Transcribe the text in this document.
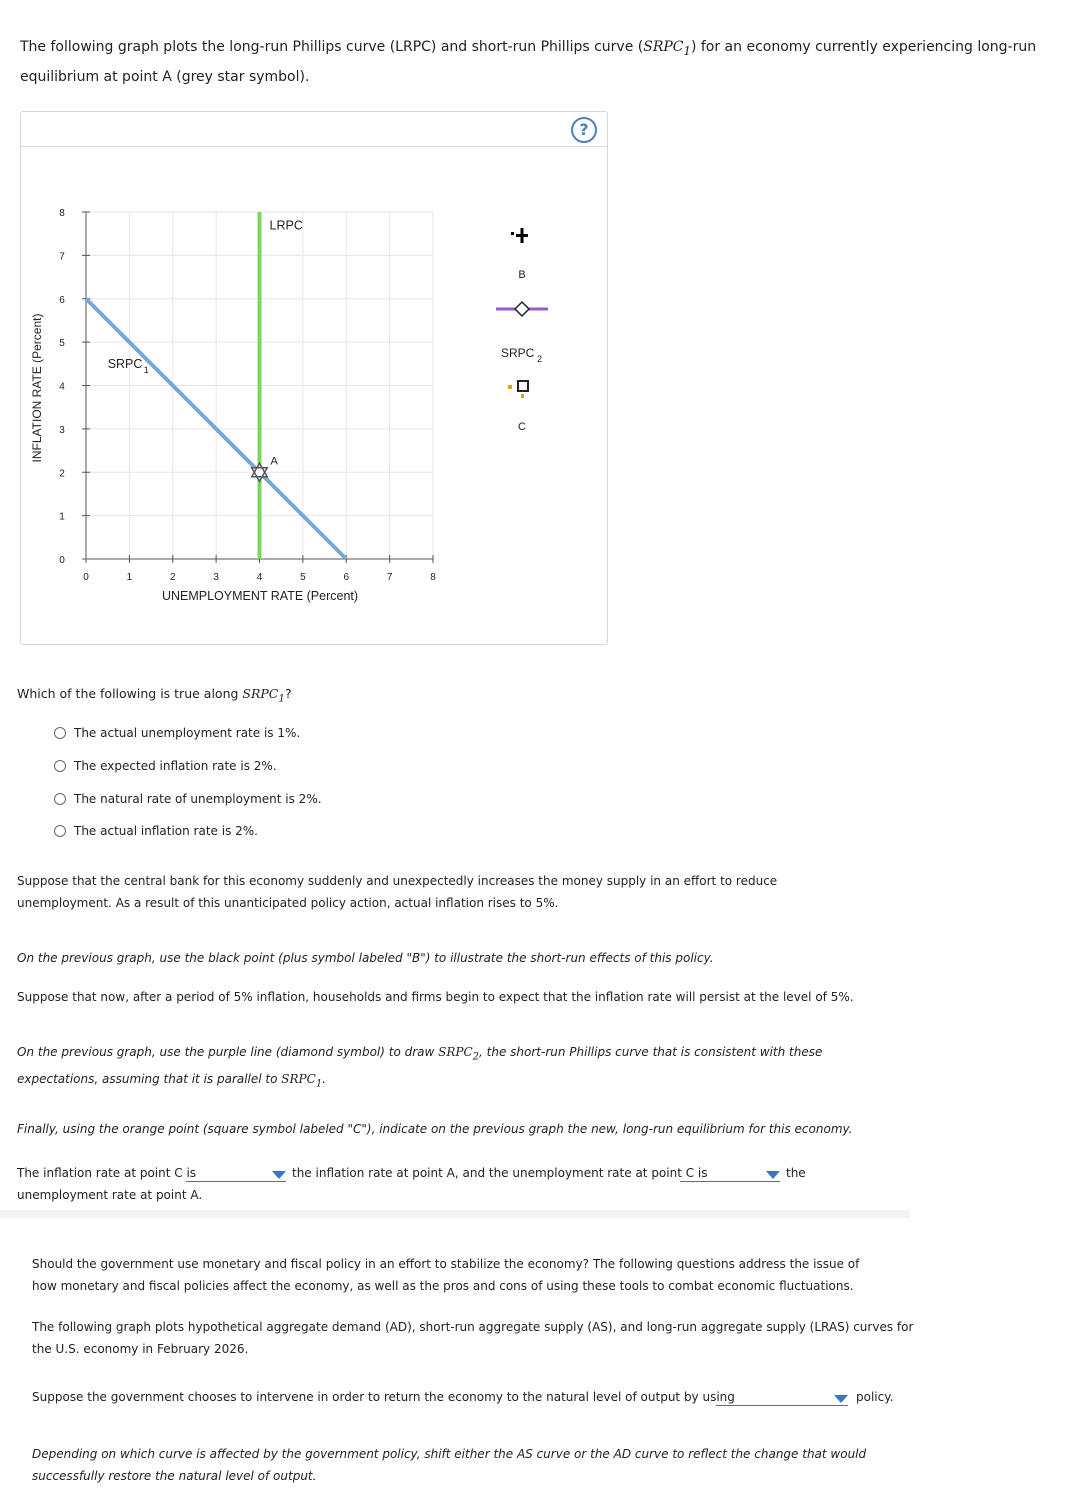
The following graph plots the long-run Phillips curve (LRPC) and short-run Phillips curve $(SRPC_1)$ for an economy currently experiencing long-run equilibrium at point A (grey star symbol).
?
0	1	2	3	4	5	6	7	8
0
1
2
3
4
5
6
7
8
LRPC
SRPC 1
A
UNEMPLOYMENT RATE (Percent)
INFLATION RATE (Percent)
B
SRPC 2
C
Which of the following is true along $SRPC_1$?
The actual unemployment rate is 1%.
The expected inflation rate is 2%.
The natural rate of unemployment is 2%.
The actual inflation rate is 2%.
Suppose that the central bank for this economy suddenly and unexpectedly increases the money supply in an effort to reduce unemployment. As a result of this unanticipated policy action, actual inflation rises to 5%.
On the previous graph, use the black point (plus symbol labeled "B") to illustrate the short-run effects of this policy.
Suppose that now, after a period of 5% inflation, households and firms begin to expect that the inflation rate will persist at the level of 5%.
On the previous graph, use the purple line (diamond symbol) to draw $SRPC_2$, the short-run Phillips curve that is consistent with these expectations, assuming that it is parallel to $SRPC_1$.
Finally, using the orange point (square symbol labeled "C"), indicate on the previous graph the new, long-run equilibrium for this economy.
The inflation rate at point C is	the inflation rate at point A, and the unemployment rate at point C is	the
unemployment rate at point A.
Should the government use monetary and fiscal policy in an effort to stabilize the economy? The following questions address the issue of how monetary and fiscal policies affect the economy, as well as the pros and cons of using these tools to combat economic fluctuations.
The following graph plots hypothetical aggregate demand (AD), short-run aggregate supply (AS), and long-run aggregate supply (LRAS) curves for the U.S. economy in February 2026.
Suppose the government chooses to intervene in order to return the economy to the natural level of output by using	policy.
Depending on which curve is affected by the government policy, shift either the AS curve or the AD curve to reflect the change that would successfully restore the natural level of output.
